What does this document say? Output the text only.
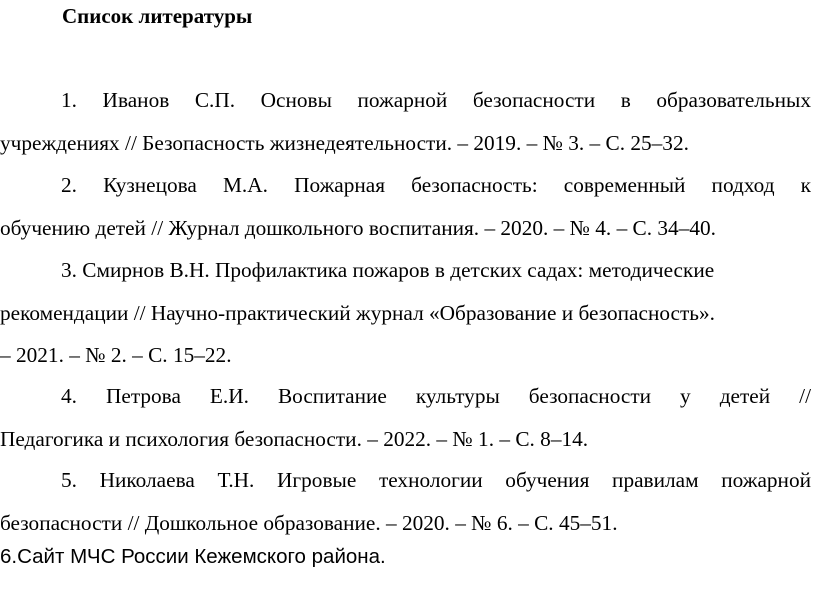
Список литературы
1. Иванов С.П. Основы пожарной безопасности в образовательных
учреждениях // Безопасность жизнедеятельности. – 2019. – № 3. – С. 25–32.
2. Кузнецова М.А. Пожарная безопасность: современный подход к
обучению детей // Журнал дошкольного воспитания. – 2020. – № 4. – С. 34–40.
3. Смирнов В.Н. Профилактика пожаров в детских садах: методические
рекомендации // Научно-практический журнал «Образование и безопасность».
– 2021. – № 2. – С. 15–22.
4. Петрова Е.И. Воспитание культуры безопасности у детей //
Педагогика и психология безопасности. – 2022. – № 1. – С. 8–14.
5. Николаева Т.Н. Игровые технологии обучения правилам пожарной
безопасности // Дошкольное образование. – 2020. – № 6. – С. 45–51.
6.Сайт МЧС России Кежемского района.
